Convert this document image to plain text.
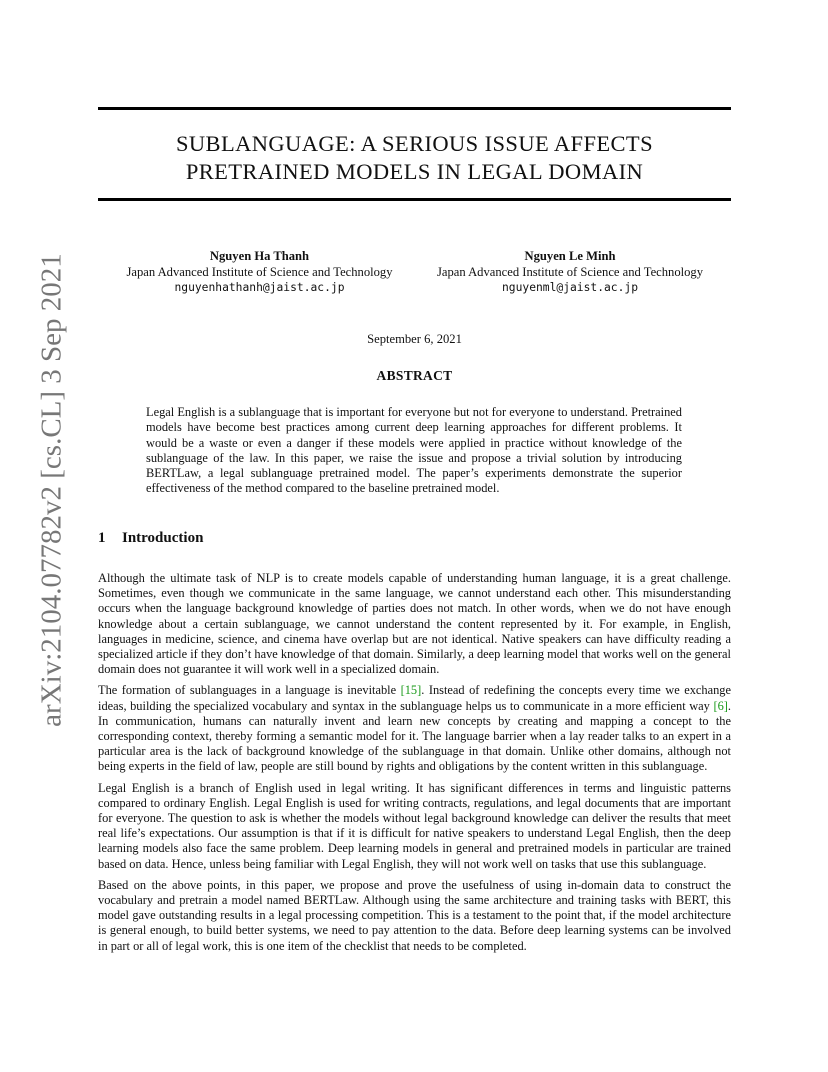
arXiv:2104.07782v2 [cs.CL] 3 Sep 2021
SUBLANGUAGE: A SERIOUS ISSUE AFFECTS
PRETRAINED MODELS IN LEGAL DOMAIN
Nguyen Ha Thanh
Japan Advanced Institute of Science and Technology
nguyenhathanh@jaist.ac.jp
Nguyen Le Minh
Japan Advanced Institute of Science and Technology
nguyenml@jaist.ac.jp
September 6, 2021
ABSTRACT

Legal English is a sublanguage that is important for everyone but not for everyone to understand. Pretrained models have become best practices among current deep learning approaches for different problems. It would be a waste or even a danger if these models were applied in practice without knowledge of the sublanguage of the law. In this paper, we raise the issue and propose a trivial solution by introducing BERTLaw, a legal sublanguage pretrained model. The paper’s experiments demonstrate the superior effectiveness of the method compared to the baseline pretrained model.

1 Introduction

Although the ultimate task of NLP is to create models capable of understanding human language, it is a great challenge. Sometimes, even though we communicate in the same language, we cannot understand each other. This misunderstanding occurs when the language background knowledge of parties does not match. In other words, when we do not have enough knowledge about a certain sublanguage, we cannot understand the content represented by it. For example, in English, languages in medicine, science, and cinema have overlap but are not identical. Native speakers can have difficulty reading a specialized article if they don’t have knowledge of that domain. Similarly, a deep learning model that works well on the general domain does not guarantee it will work well in a specialized domain.

The formation of sublanguages in a language is inevitable [15]. Instead of redefining the concepts every time we exchange ideas, building the specialized vocabulary and syntax in the sublanguage helps us to communicate in a more efficient way [6]. In communication, humans can naturally invent and learn new concepts by creating and mapping a concept to the corresponding context, thereby forming a semantic model for it. The language barrier when a lay reader talks to an expert in a particular area is the lack of background knowledge of the sublanguage in that domain. Unlike other domains, although not being experts in the field of law, people are still bound by rights and obligations by the content written in this sublanguage.

Legal English is a branch of English used in legal writing. It has significant differences in terms and linguistic patterns compared to ordinary English. Legal English is used for writing contracts, regulations, and legal documents that are important for everyone. The question to ask is whether the models without legal background knowledge can deliver the results that meet real life’s expectations. Our assumption is that if it is difficult for native speakers to understand Legal English, then the deep learning models also face the same problem. Deep learning models in general and pretrained models in particular are trained based on data. Hence, unless being familiar with Legal English, they will not work well on tasks that use this sublanguage.

Based on the above points, in this paper, we propose and prove the usefulness of using in-domain data to construct the vocabulary and pretrain a model named BERTLaw. Although using the same architecture and training tasks with BERT, this model gave outstanding results in a legal processing competition. This is a testament to the point that, if the model architecture is general enough, to build better systems, we need to pay attention to the data. Before deep learning systems can be involved in part or all of legal work, this is one item of the checklist that needs to be completed.
